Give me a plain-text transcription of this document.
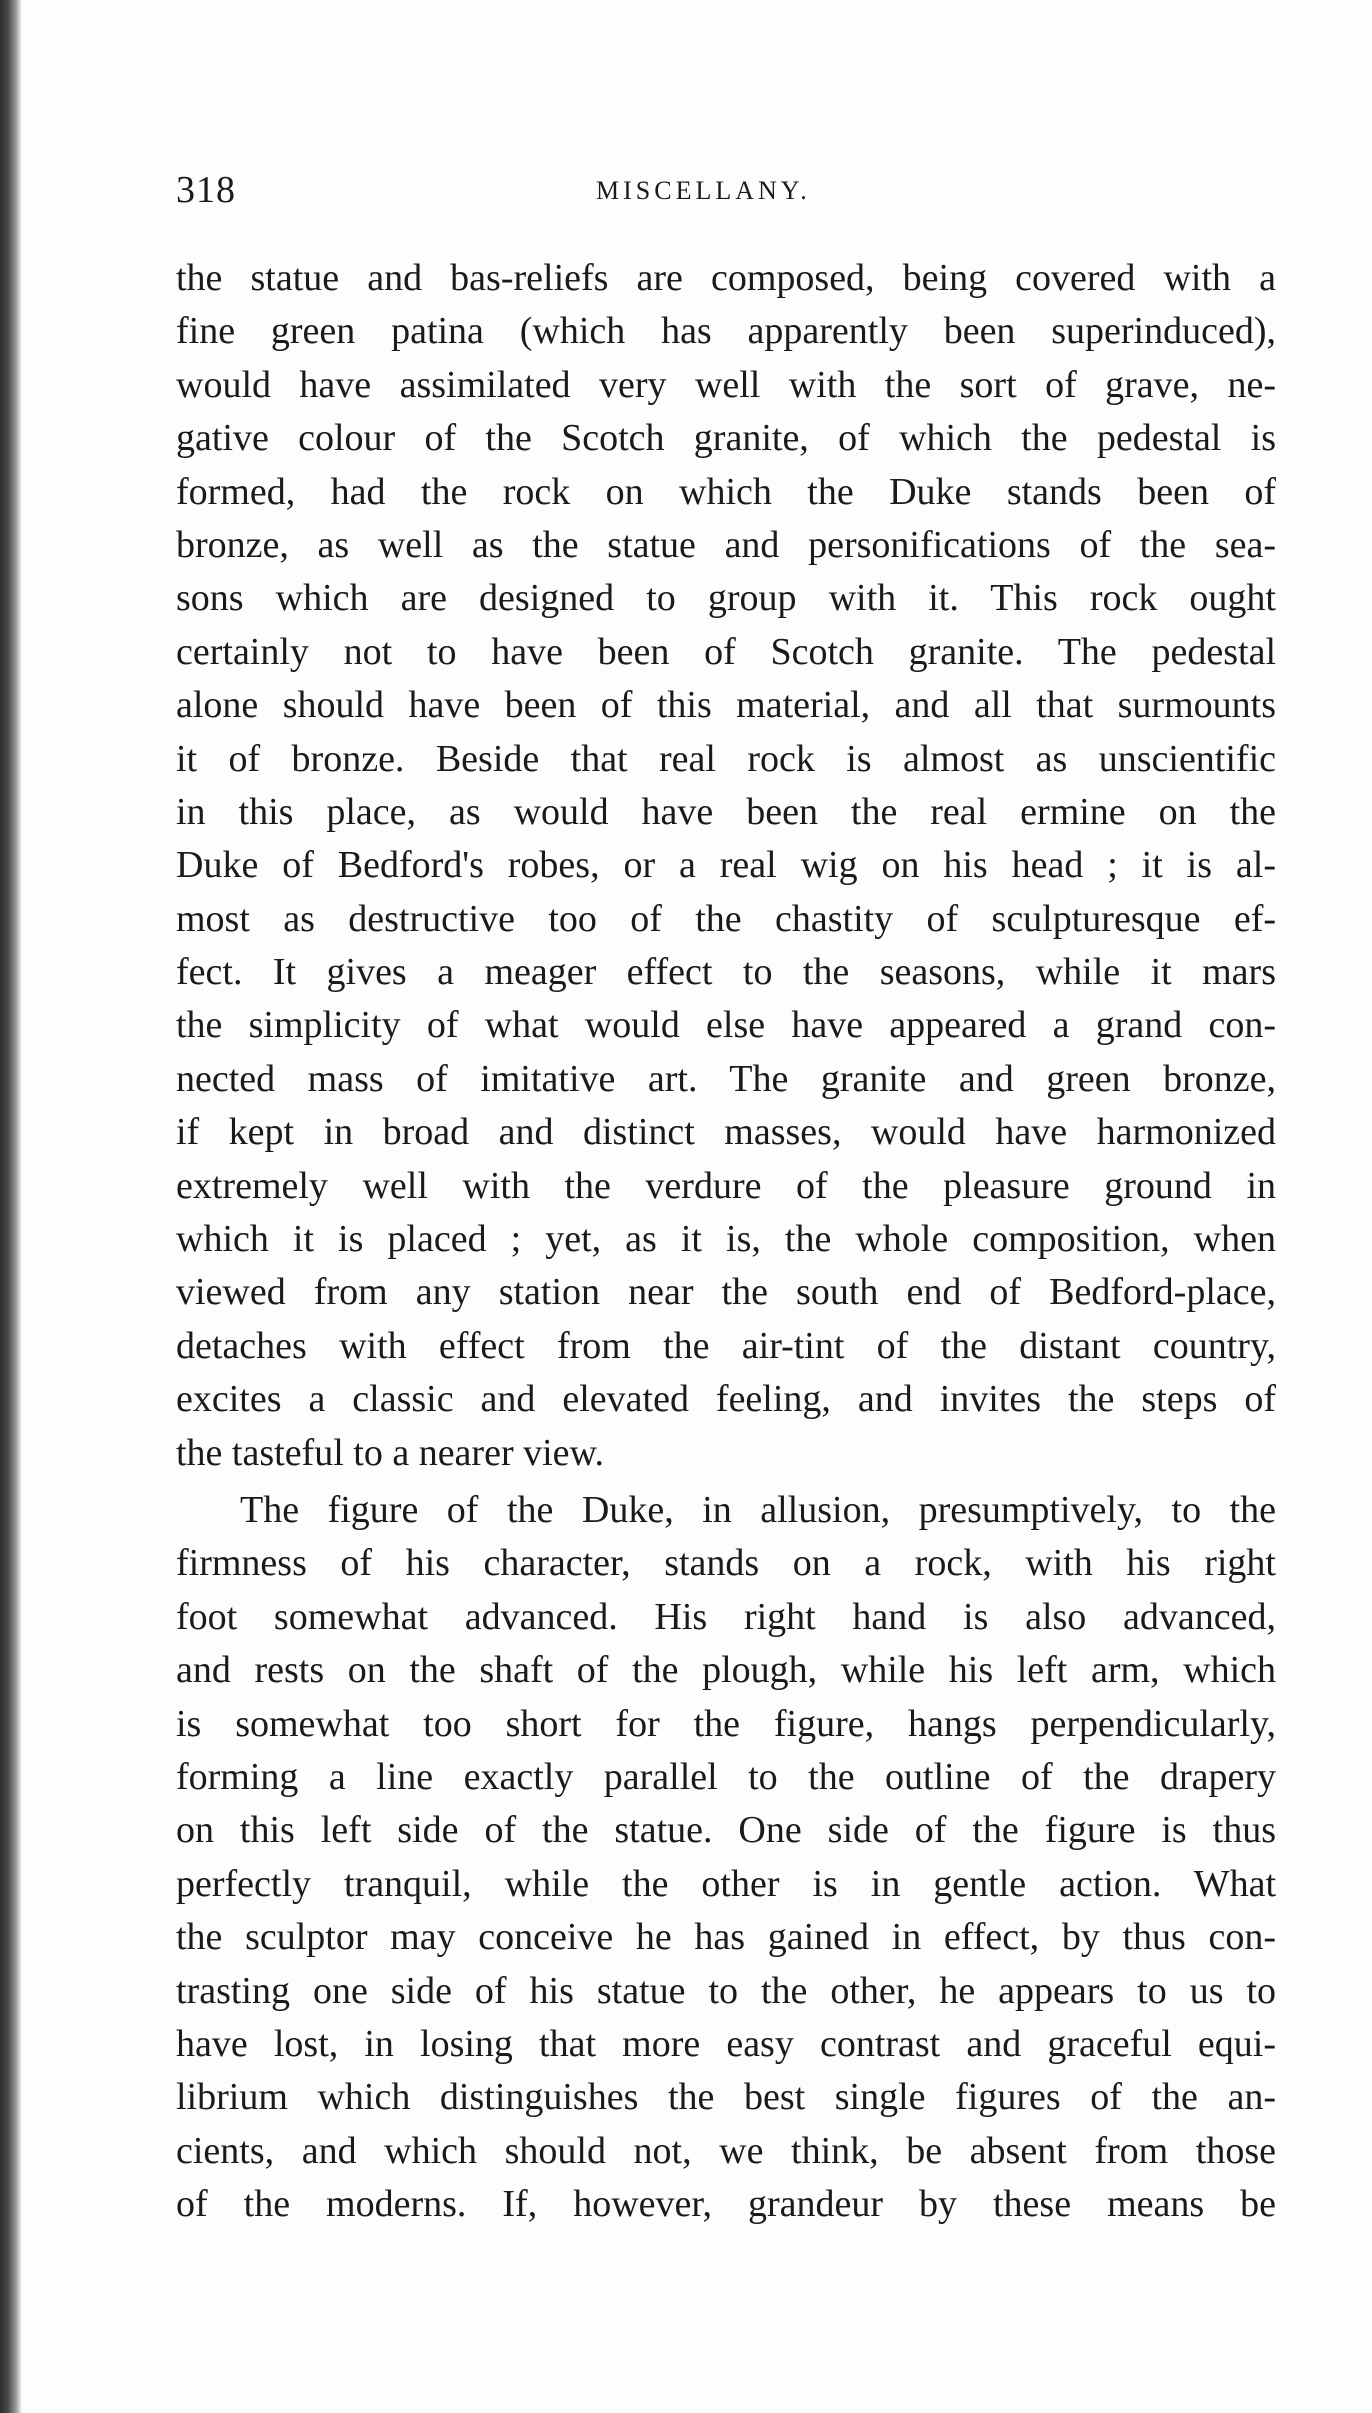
318	MISCELLANY.
the statue and bas-reliefs are composed, being covered with a
fine green patina (which has apparently been superinduced),
would have assimilated very well with the sort of grave, ne-
gative colour of the Scotch granite, of which the pedestal is
formed, had the rock on which the Duke stands been of
bronze, as well as the statue and personifications of the sea-
sons which are designed to group with it. This rock ought
certainly not to have been of Scotch granite. The pedestal
alone should have been of this material, and all that surmounts
it of bronze. Beside that real rock is almost as unscientific
in this place, as would have been the real ermine on the
Duke of Bedford's robes, or a real wig on his head ; it is al-
most as destructive too of the chastity of sculpturesque ef-
fect. It gives a meager effect to the seasons, while it mars
the simplicity of what would else have appeared a grand con-
nected mass of imitative art. The granite and green bronze,
if kept in broad and distinct masses, would have harmonized
extremely well with the verdure of the pleasure ground in
which it is placed ; yet, as it is, the whole composition, when
viewed from any station near the south end of Bedford-place,
detaches with effect from the air-tint of the distant country,
excites a classic and elevated feeling, and invites the steps of
the tasteful to a nearer view.
The figure of the Duke, in allusion, presumptively, to the
firmness of his character, stands on a rock, with his right
foot somewhat advanced. His right hand is also advanced,
and rests on the shaft of the plough, while his left arm, which
is somewhat too short for the figure, hangs perpendicularly,
forming a line exactly parallel to the outline of the drapery
on this left side of the statue. One side of the figure is thus
perfectly tranquil, while the other is in gentle action. What
the sculptor may conceive he has gained in effect, by thus con-
trasting one side of his statue to the other, he appears to us to
have lost, in losing that more easy contrast and graceful equi-
librium which distinguishes the best single figures of the an-
cients, and which should not, we think, be absent from those
of the moderns. If, however, grandeur by these means be
